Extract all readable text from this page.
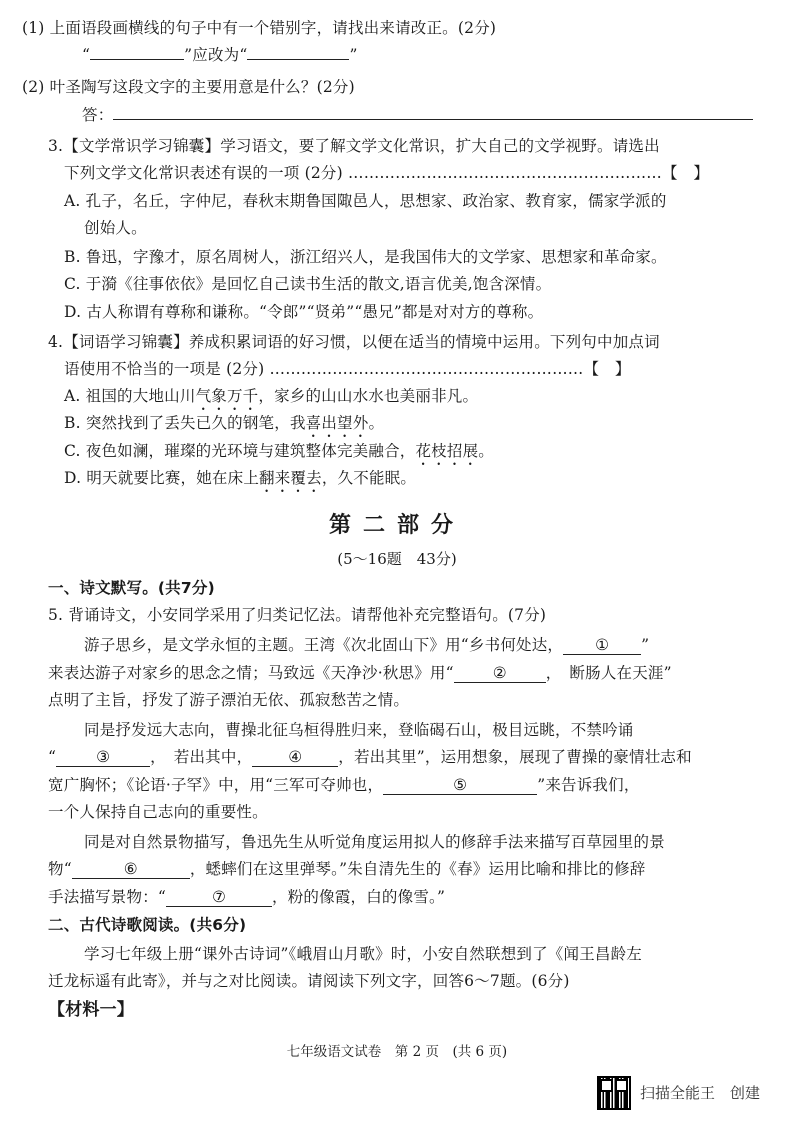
(1) 上面语段画横线的句子中有一个错别字，请找出来请改正。(2分)
“	”应改为“	”
(2) 叶圣陶写这段文字的主要用意是什么？(2分)
答：
3.【文学常识学习锦囊】学习语文，要了解文学文化常识，扩大自己的文学视野。请选出
下列文学文化常识表述有误的一项 (2分) ……………………………………………………【　】
A. 孔子，名丘，字仲尼，春秋末期鲁国陬邑人，思想家、政治家、教育家，儒家学派的
创始人。
B. 鲁迅，字豫才，原名周树人，浙江绍兴人，是我国伟大的文学家、思想家和革命家。
C. 于漪《往事依依》是回忆自己读书生活的散文,语言优美,饱含深情。
D. 古人称谓有尊称和谦称。“令郎”“贤弟”“愚兄”都是对对方的尊称。
4.【词语学习锦囊】养成积累词语的好习惯，以便在适当的情境中运用。下列句中加点词
语使用不恰当的一项是 (2分) ……………………………………………………【　】
A. 祖国的大地山川气象万千，家乡的山山水水也美丽非凡。
B. 突然找到了丢失已久的钢笔，我喜出望外。
C. 夜色如澜，璀璨的光环境与建筑整体完美融合，花枝招展。
D. 明天就要比赛，她在床上翻来覆去，久不能眠。
第二部分
(5～16题　43分)
一、诗文默写。(共7分)
5. 背诵诗文，小安同学采用了归类记忆法。请帮他补充完整语句。(7分)
游子思乡，是文学永恒的主题。王湾《次北固山下》用“乡书何处达， ① ”
来表达游子对家乡的思念之情；马致远《天净沙·秋思》用“	②	，　断肠人在天涯”
点明了主旨，抒发了游子漂泊无依、孤寂愁苦之情。
同是抒发远大志向，曹操北征乌桓得胜归来，登临碣石山，极目远眺，不禁吟诵
“	③	，　若出其中， ④ ，若出其里”，运用想象，展现了曹操的豪情壮志和
宽广胸怀；《论语·子罕》中，用“三军可夺帅也，	⑤	”来告诉我们，
一个人保持自己志向的重要性。
同是对自然景物描写，鲁迅先生从听觉角度运用拟人的修辞手法来描写百草园里的景
物“	⑥	，蟋蟀们在这里弹琴。”朱自清先生的《春》运用比喻和排比的修辞
手法描写景物：“	⑦	，粉的像霞，白的像雪。”
二、古代诗歌阅读。(共6分)
学习七年级上册“课外古诗词”《峨眉山月歌》时，小安自然联想到了《闻王昌龄左
迁龙标遥有此寄》，并与之对比阅读。请阅读下列文字，回答6～7题。(6分)
【材料一】
七年级语文试卷　第 2 页　(共 6 页)
扫描全能王　创建
